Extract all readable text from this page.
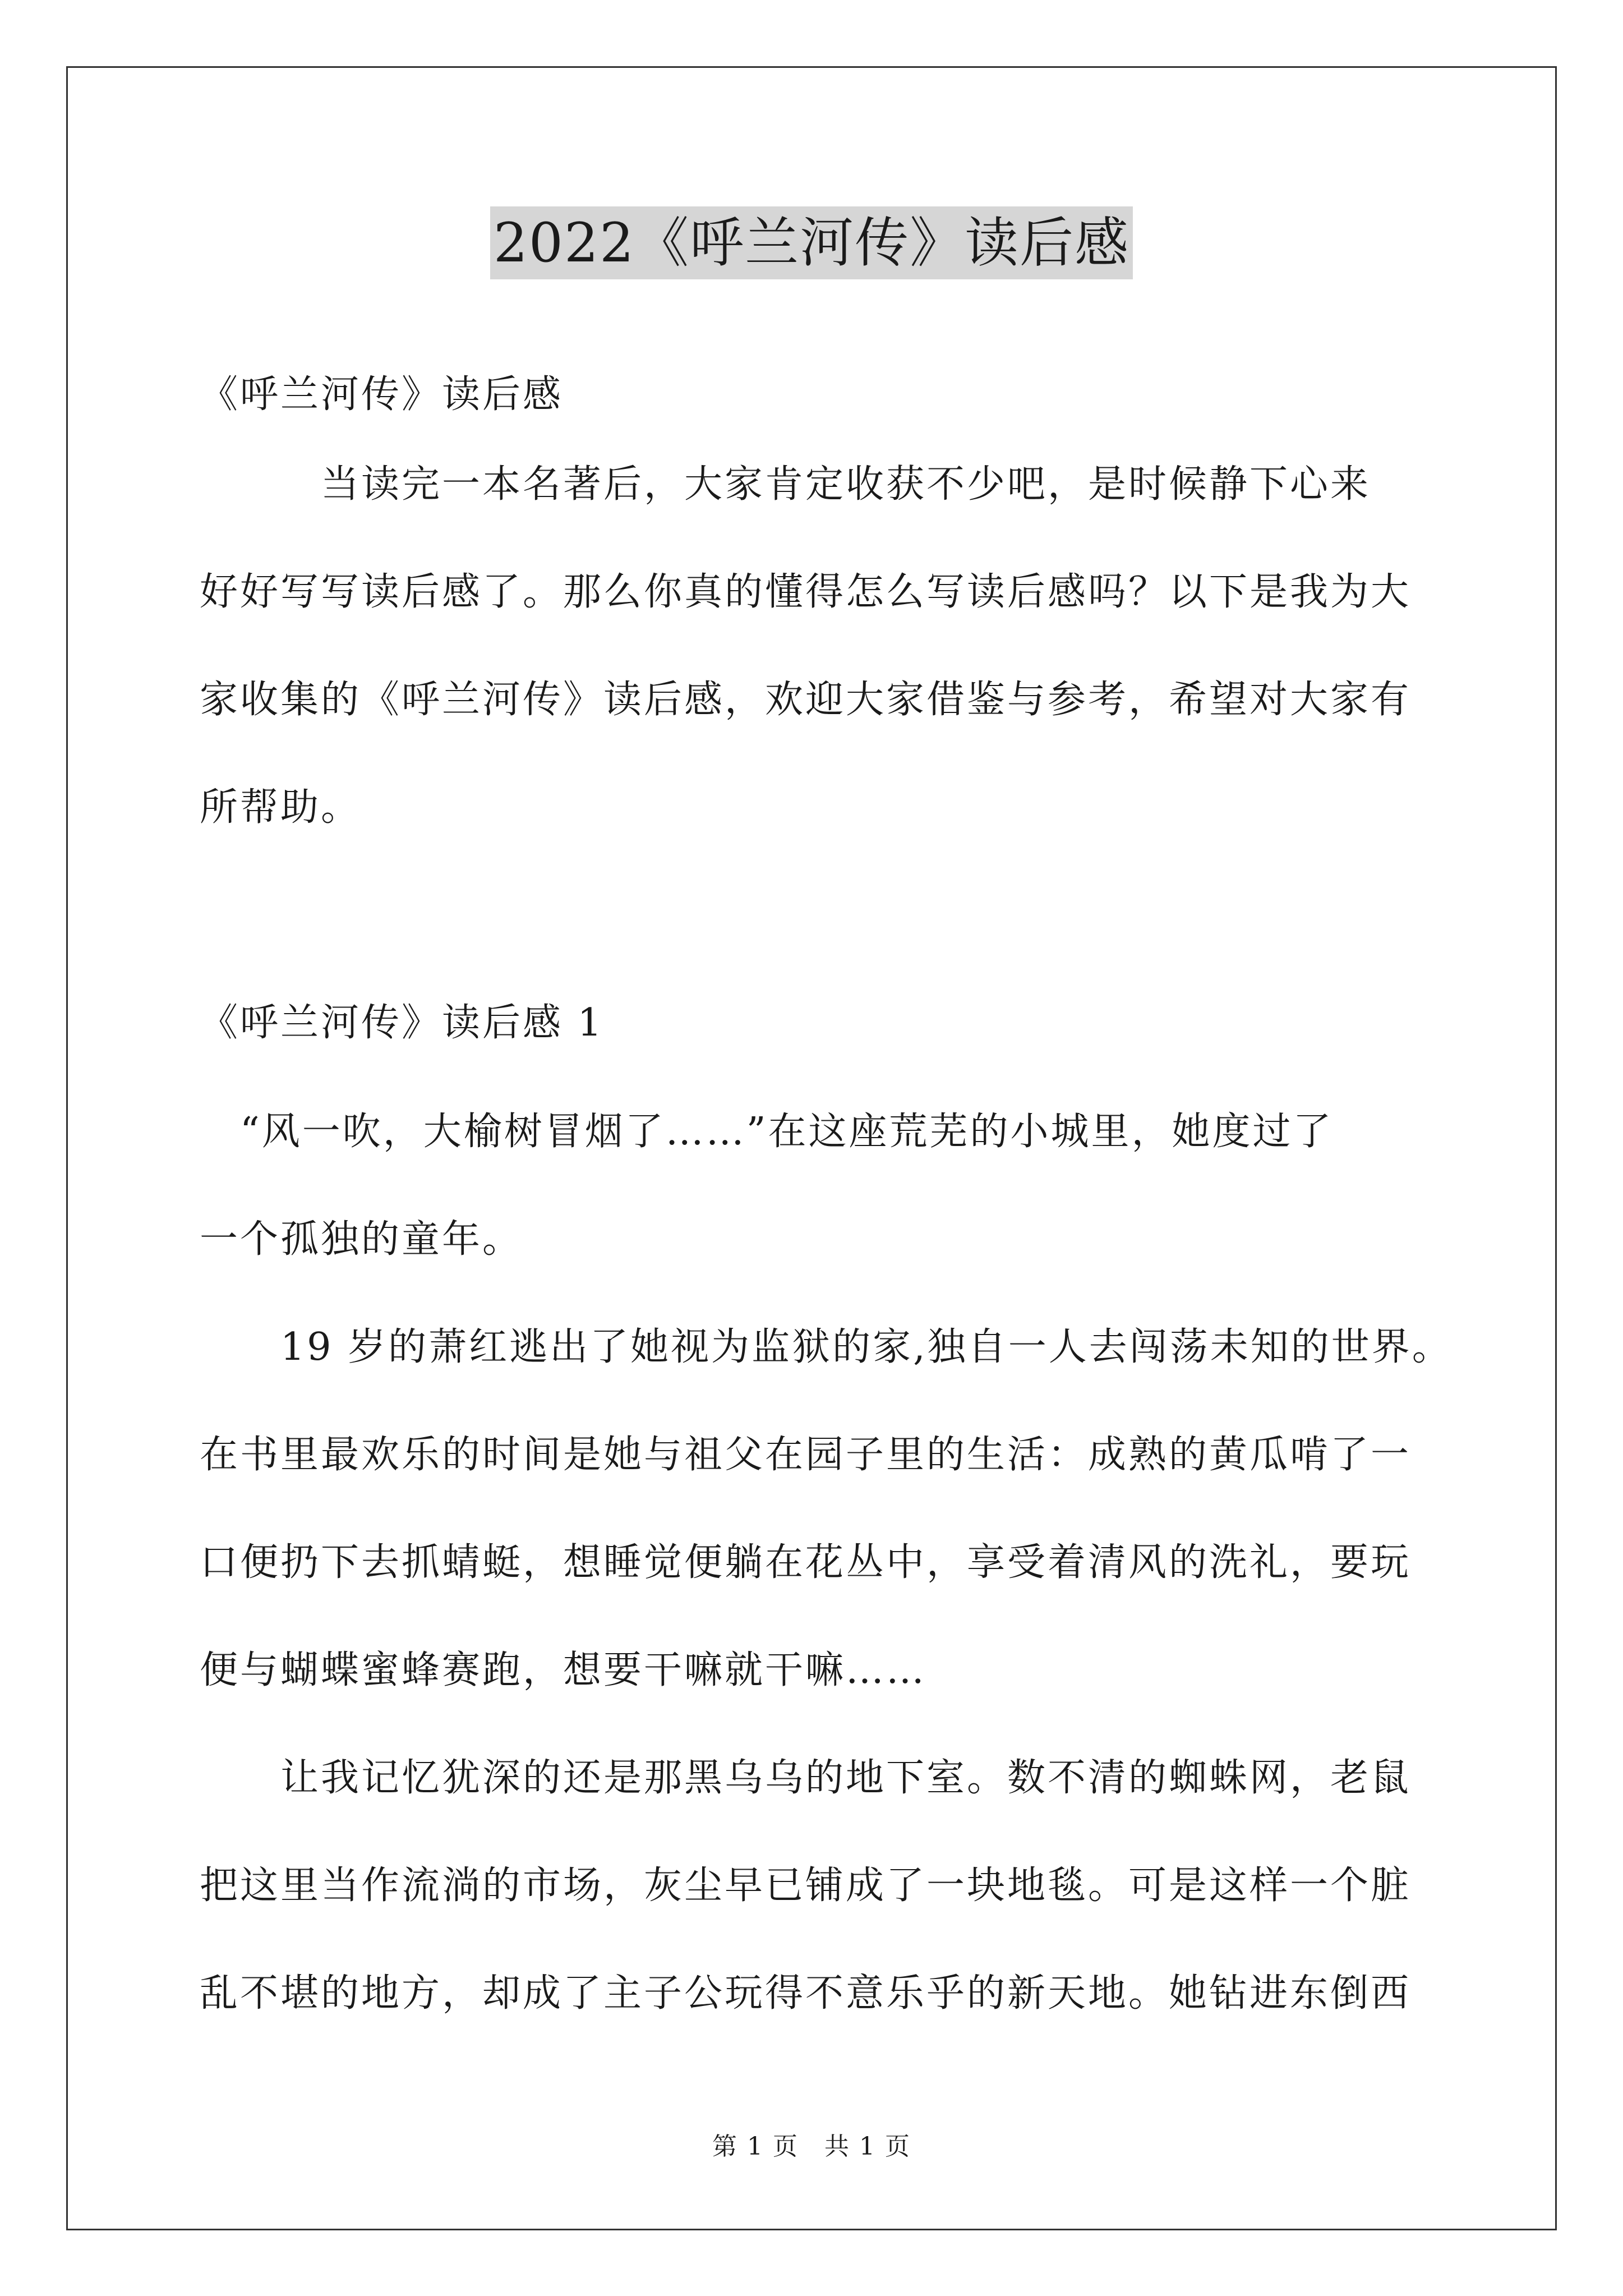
2022《呼兰河传》读后感

《呼兰河传》读后感

　　　当读完一本名著后，大家肯定收获不少吧，是时候静下心来

好好写写读后感了。那么你真的懂得怎么写读后感吗？以下是我为大

家收集的《呼兰河传》读后感，欢迎大家借鉴与参考，希望对大家有

所帮助。

《呼兰河传》读后感 1

　“风一吹，大榆树冒烟了……”在这座荒芜的小城里，她度过了

一个孤独的童年。

　　19 岁的萧红逃出了她视为监狱的家,独自一人去闯荡未知的世界。

在书里最欢乐的时间是她与祖父在园子里的生活：成熟的黄瓜啃了一

口便扔下去抓蜻蜓，想睡觉便躺在花丛中，享受着清风的洗礼，要玩

便与蝴蝶蜜蜂赛跑，想要干嘛就干嘛……

　　让我记忆犹深的还是那黑乌乌的地下室。数不清的蜘蛛网，老鼠

把这里当作流淌的市场，灰尘早已铺成了一块地毯。可是这样一个脏

乱不堪的地方，却成了主子公玩得不意乐乎的新天地。她钻进东倒西

第 1 页　共 1 页
